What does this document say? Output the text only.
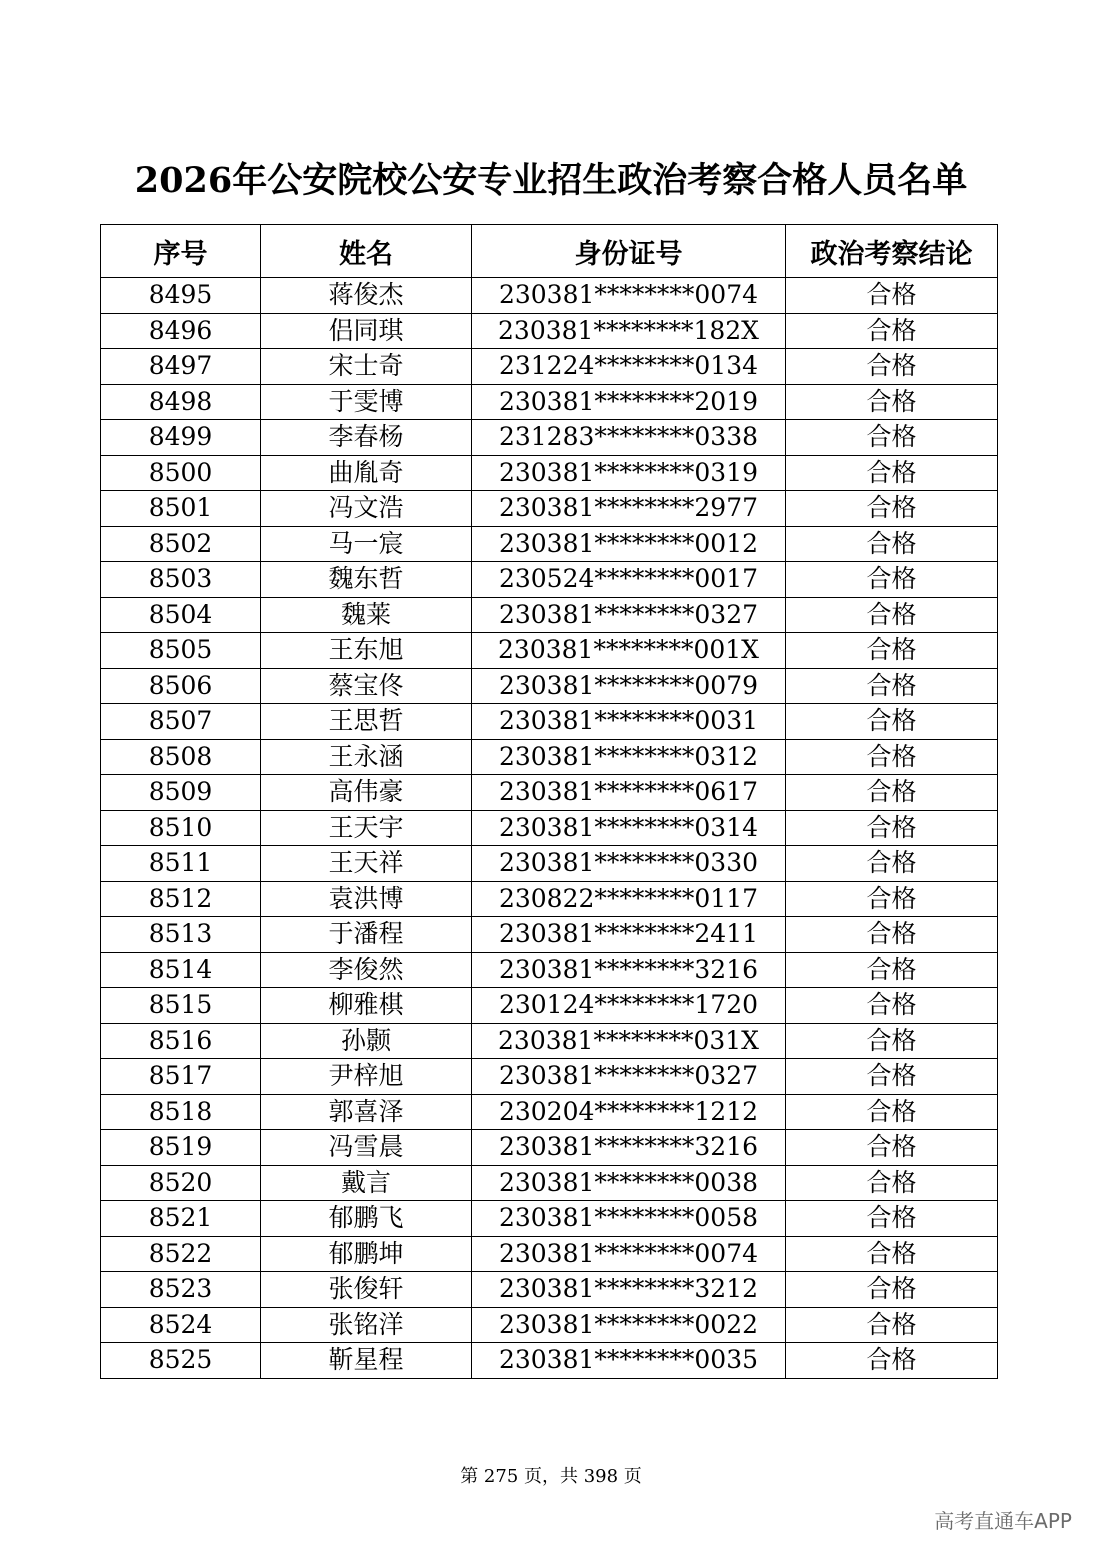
2026年公安院校公安专业招生政治考察合格人员名单
序号	姓名	身份证号	政治考察结论
8495	蒋俊杰	230381********0074	合格
8496	侣同琪	230381********182X	合格
8497	宋士奇	231224********0134	合格
8498	于雯博	230381********2019	合格
8499	李春杨	231283********0338	合格
8500	曲胤奇	230381********0319	合格
8501	冯文浩	230381********2977	合格
8502	马一宸	230381********0012	合格
8503	魏东哲	230524********0017	合格
8504	魏莱	230381********0327	合格
8505	王东旭	230381********001X	合格
8506	蔡宝佟	230381********0079	合格
8507	王思哲	230381********0031	合格
8508	王永涵	230381********0312	合格
8509	高伟豪	230381********0617	合格
8510	王天宇	230381********0314	合格
8511	王天祥	230381********0330	合格
8512	袁洪博	230822********0117	合格
8513	于潘程	230381********2411	合格
8514	李俊然	230381********3216	合格
8515	柳雅棋	230124********1720	合格
8516	孙颢	230381********031X	合格
8517	尹梓旭	230381********0327	合格
8518	郭喜泽	230204********1212	合格
8519	冯雪晨	230381********3216	合格
8520	戴言	230381********0038	合格
8521	郁鹏飞	230381********0058	合格
8522	郁鹏坤	230381********0074	合格
8523	张俊轩	230381********3212	合格
8524	张铭洋	230381********0022	合格
8525	靳星程	230381********0035	合格
第 275 页，共 398 页
高考直通车APP
